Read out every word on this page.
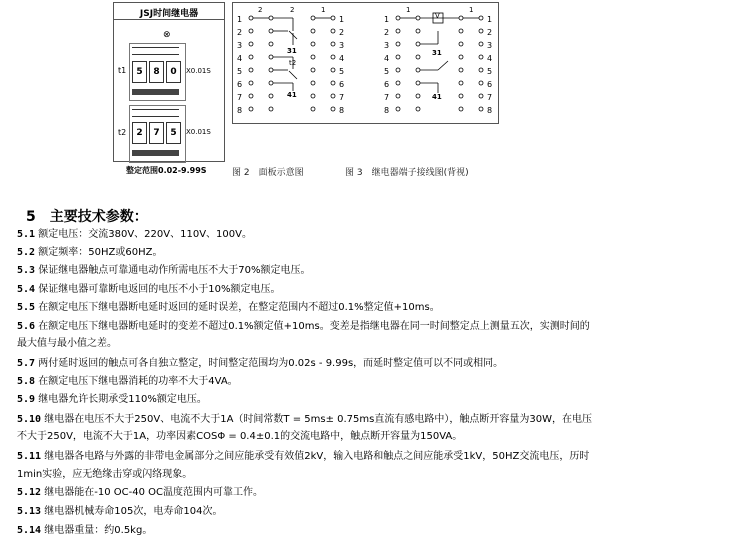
JSJ时间继电器
⊗
t1	5	8	0	X0.01S
t2	2	7	5	X0.01S
整定范围0.02-9.99S
1
2
3
4
5
6
7
8
1
2
3
4
5
6
7
8
2	2	1
31
t2
41
1
2
3
4
5
6
7
8
1
2
3
4
5
6
7
8
1
V
1
31
41
图 2　面板示意图	图 3　继电器端子接线图(背视)
5 主要技术参数：
5.1 额定电压：交流380V、220V、110V、100V。
5.2 额定频率：50HZ或60HZ。
5.3 保证继电器触点可靠通电动作所需电压不大于70%额定电压。
5.4 保证继电器可靠断电返回的电压不小于10%额定电压。
5.5 在额定电压下继电器断电延时返回的延时误差，在整定范围内不超过0.1%整定值+10ms。
5.6 在额定电压下继电器断电延时的变差不超过0.1%额定值+10ms。变差是指继电器在同一时间整定点上测量五次，实测时间的
最大值与最小值之差。
5.7 两付延时返回的触点可各自独立整定，时间整定范围均为0.02s - 9.99s，而延时整定值可以不同或相同。
5.8 在额定电压下继电器消耗的功率不大于4VA。
5.9 继电器允许长期承受110%额定电压。
5.10 继电器在电压不大于250V、电流不大于1A（时间常数T = 5ms± 0.75ms直流有感电路中），触点断开容量为30W，在电压
不大于250V，电流不大于1A，功率因素COSΦ = 0.4±0.1的交流电路中，触点断开容量为150VA。
5.11 继电器各电路与外露的非带电金属部分之间应能承受有效值2kV，输入电路和触点之间应能承受1kV，50HZ交流电压，历时
1min实验，应无绝缘击穿或闪络现象。
5.12 继电器能在-10 OC-40 OC温度范围内可靠工作。
5.13 继电器机械寿命105次，电寿命104次。
5.14 继电器重量：约0.5kg。
